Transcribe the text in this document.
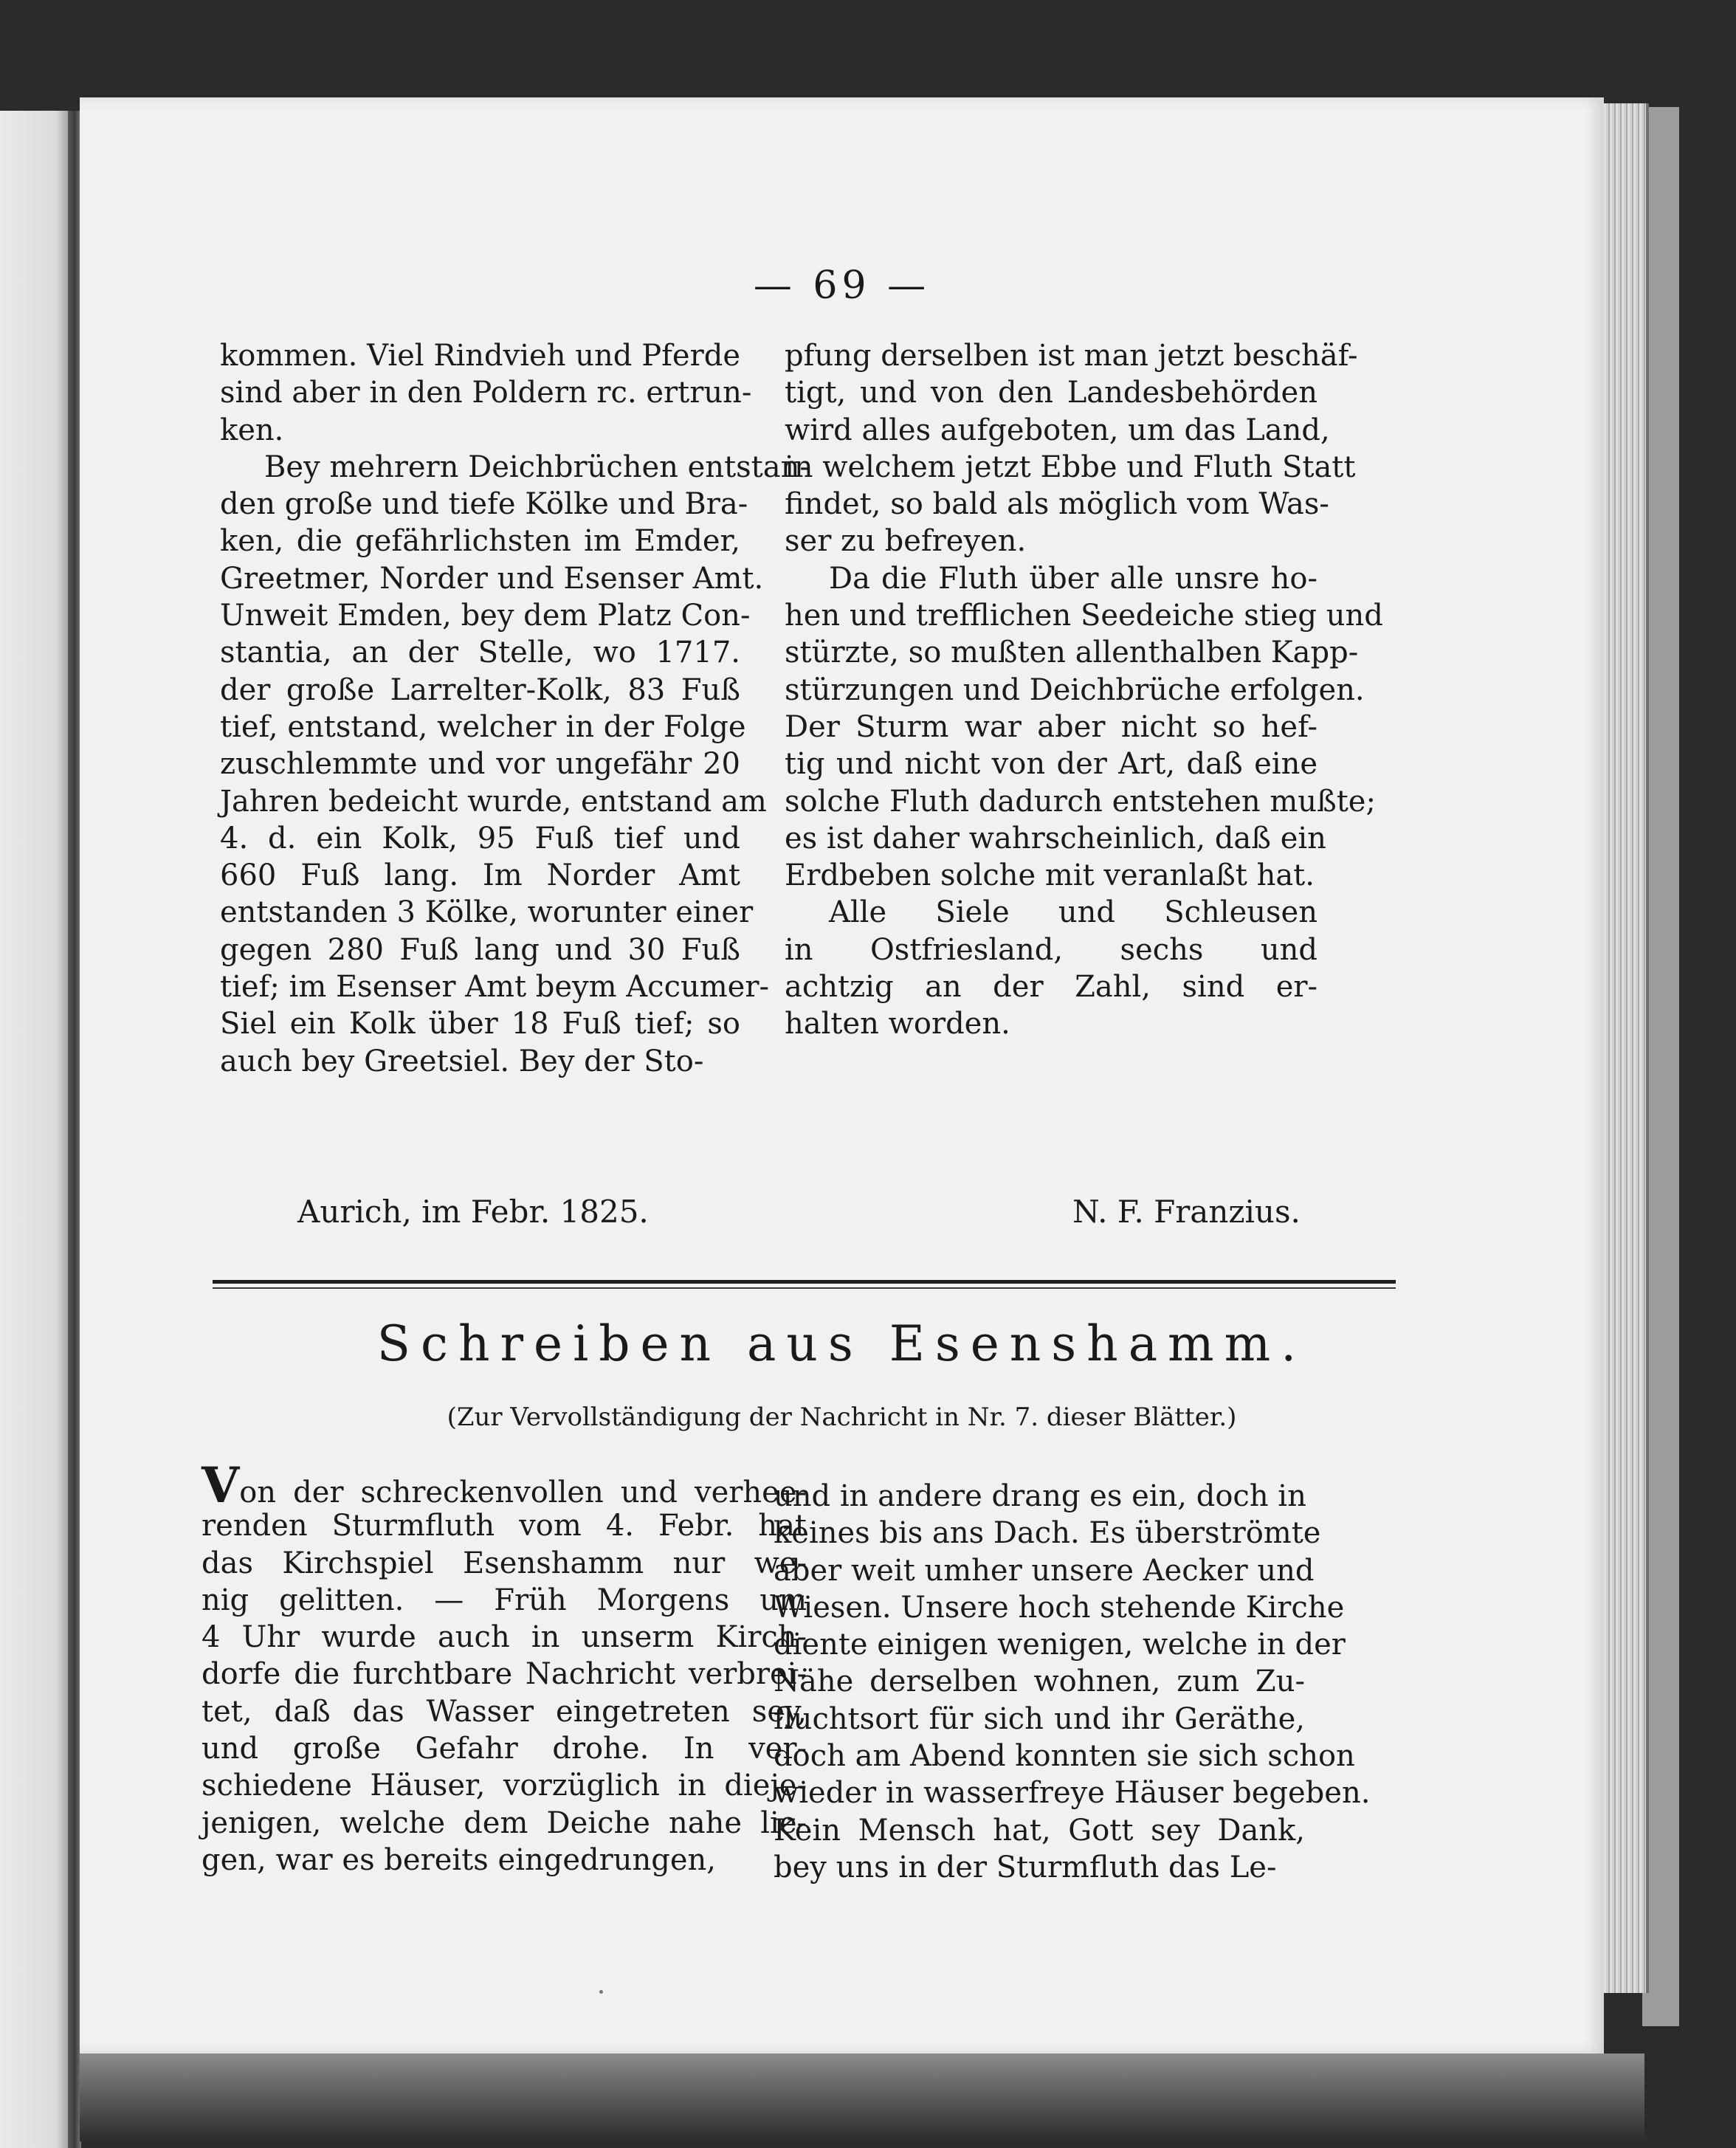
— 69 —
kommen. Viel Rindvieh und Pferde
sind aber in den Poldern rc. ertrun-
ken.
Bey mehrern Deichbrüchen entstan-
den große und tiefe Kölke und Bra-
ken, die gefährlichsten im Emder,
Greetmer, Norder und Esenser Amt.
Unweit Emden, bey dem Platz Con-
stantia, an der Stelle, wo 1717.
der große Larrelter-Kolk, 83 Fuß
tief, entstand, welcher in der Folge
zuschlemmte und vor ungefähr 20
Jahren bedeicht wurde, entstand am
4. d. ein Kolk, 95 Fuß tief und
660 Fuß lang. Im Norder Amt
entstanden 3 Kölke, worunter einer
gegen 280 Fuß lang und 30 Fuß
tief; im Esenser Amt beym Accumer-
Siel ein Kolk über 18 Fuß tief; so
auch bey Greetsiel. Bey der Sto-
pfung derselben ist man jetzt beschäf-
tigt, und von den Landesbehörden
wird alles aufgeboten, um das Land,
in welchem jetzt Ebbe und Fluth Statt
findet, so bald als möglich vom Was-
ser zu befreyen.
Da die Fluth über alle unsre ho-
hen und trefflichen Seedeiche stieg und
stürzte, so mußten allenthalben Kapp-
stürzungen und Deichbrüche erfolgen.
Der Sturm war aber nicht so hef-
tig und nicht von der Art, daß eine
solche Fluth dadurch entstehen mußte;
es ist daher wahrscheinlich, daß ein
Erdbeben solche mit veranlaßt hat.
Alle Siele und Schleusen
in Ostfriesland, sechs und
achtzig an der Zahl, sind er-
halten worden.
Aurich, im Febr. 1825.	N. F. Franzius.
Schreiben aus Esenshamm.
(Zur Vervollständigung der Nachricht in Nr. 7. dieser Blätter.)
Von der schreckenvollen und verhee-
renden Sturmfluth vom 4. Febr. hat
das Kirchspiel Esenshamm nur we-
nig gelitten. — Früh Morgens um
4 Uhr wurde auch in unserm Kirch-
dorfe die furchtbare Nachricht verbrei-
tet, daß das Wasser eingetreten sey,
und große Gefahr drohe. In ver-
schiedene Häuser, vorzüglich in dieje-
jenigen, welche dem Deiche nahe lie-
gen, war es bereits eingedrungen,
und in andere drang es ein, doch in
keines bis ans Dach. Es überströmte
aber weit umher unsere Aecker und
Wiesen. Unsere hoch stehende Kirche
diente einigen wenigen, welche in der
Nähe derselben wohnen, zum Zu-
fluchtsort für sich und ihr Geräthe,
doch am Abend konnten sie sich schon
wieder in wasserfreye Häuser begeben.
Kein Mensch hat, Gott sey Dank,
bey uns in der Sturmfluth das Le-
